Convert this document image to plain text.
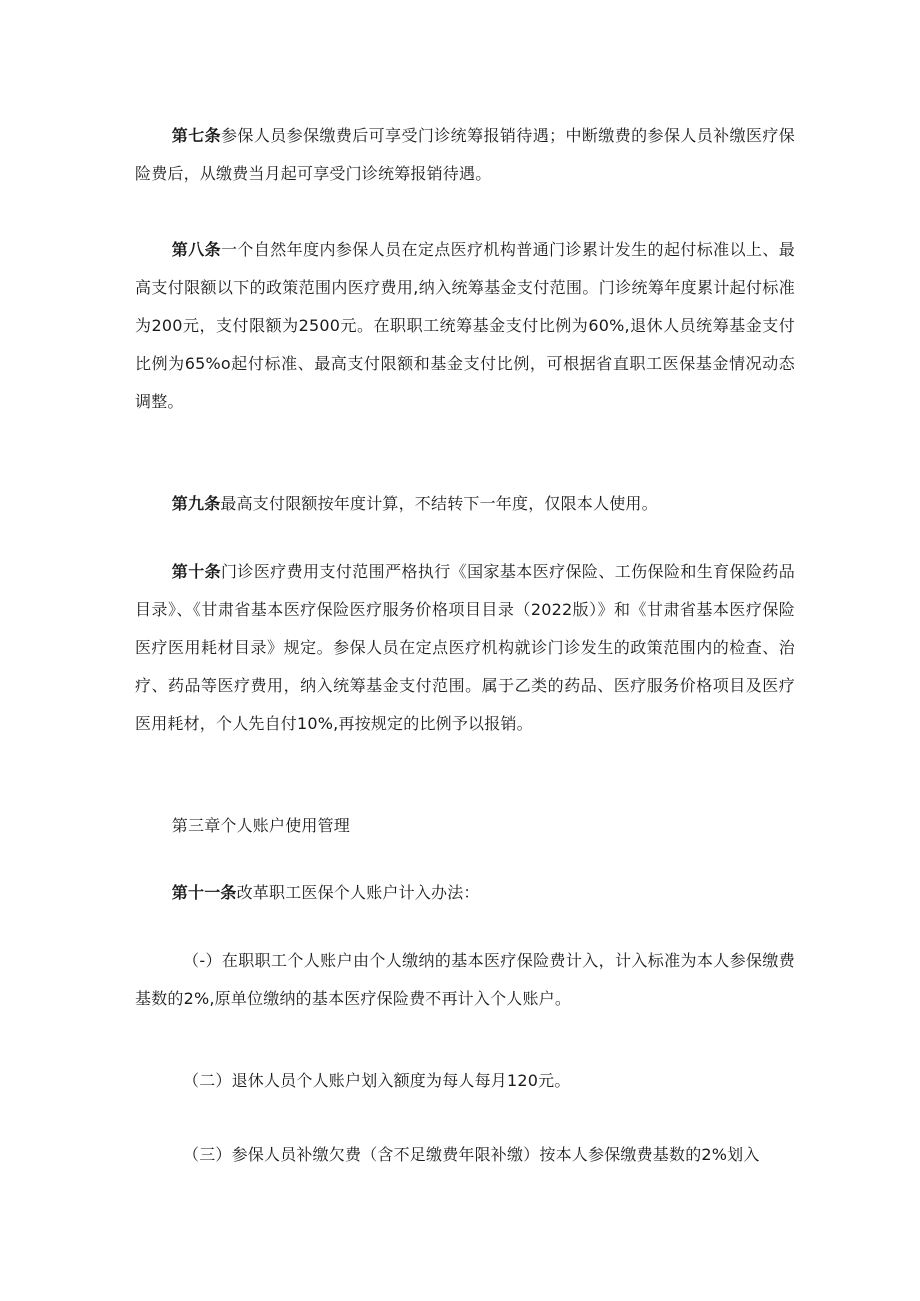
第七条参保人员参保缴费后可享受门诊统筹报销待遇；中断缴费的参保人员补缴医疗保险费后，从缴费当月起可享受门诊统筹报销待遇。

第八条一个自然年度内参保人员在定点医疗机构普通门诊累计发生的起付标准以上、最高支付限额以下的政策范围内医疗费用,纳入统筹基金支付范围。门诊统筹年度累计起付标准为200元，支付限额为2500元。在职职工统筹基金支付比例为60%,退休人员统筹基金支付比例为65%o起付标准、最高支付限额和基金支付比例，可根据省直职工医保基金情况动态调整。

第九条最高支付限额按年度计算，不结转下一年度，仅限本人使用。

第十条门诊医疗费用支付范围严格执行《国家基本医疗保险、工伤保险和生育保险药品目录》、《甘肃省基本医疗保险医疗服务价格项目目录（2022版）》和《甘肃省基本医疗保险医疗医用耗材目录》规定。参保人员在定点医疗机构就诊门诊发生的政策范围内的检查、治疗、药品等医疗费用，纳入统筹基金支付范围。属于乙类的药品、医疗服务价格项目及医疗医用耗材，个人先自付10%,再按规定的比例予以报销。

第三章个人账户使用管理

第十一条改革职工医保个人账户计入办法：

（-）在职职工个人账户由个人缴纳的基本医疗保险费计入，计入标准为本人参保缴费基数的2%,原单位缴纳的基本医疗保险费不再计入个人账户。

（二）退休人员个人账户划入额度为每人每月120元。

（三）参保人员补缴欠费（含不足缴费年限补缴）按本人参保缴费基数的2%划入
